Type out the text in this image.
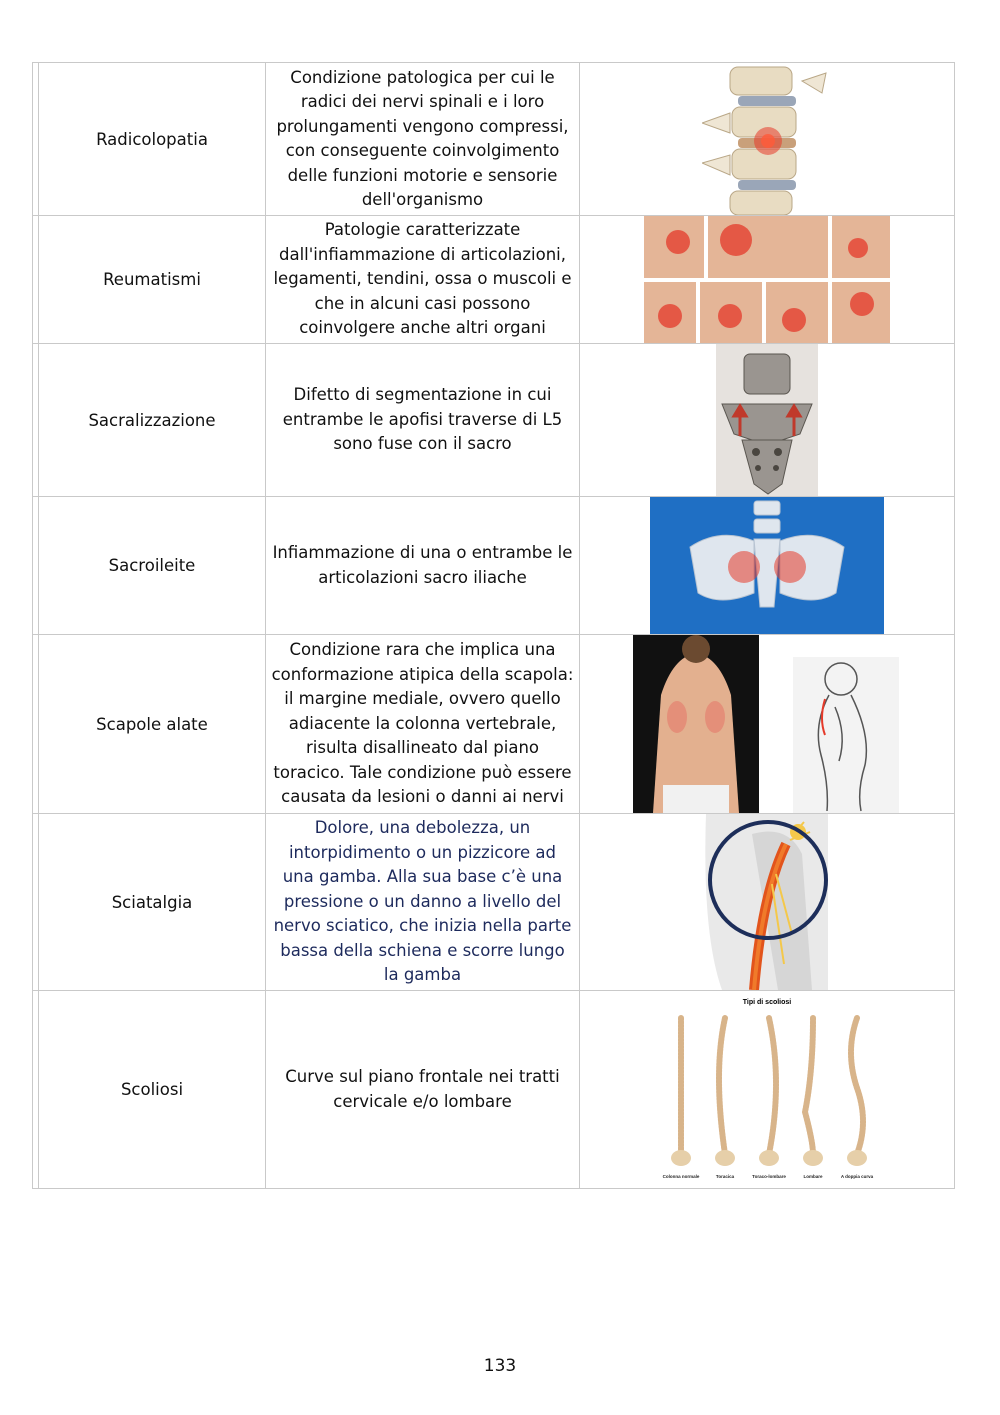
Radicolopatia
Condizione patologica per cui le
radici dei nervi spinali e i loro
prolungamenti vengono compressi,
con conseguente coinvolgimento
delle funzioni motorie e sensorie
dell'organismo
Reumatismi
Patologie caratterizzate
dall'infiammazione di articolazioni,
legamenti, tendini, ossa o muscoli e
che in alcuni casi possono
coinvolgere anche altri organi
Sacralizzazione
Difetto di segmentazione in cui
entrambe le apofisi traverse di L5
sono fuse con il sacro
Sacroileite
Infiammazione di una o entrambe le
articolazioni sacro iliache
Scapole alate
Condizione rara che implica una
conformazione atipica della scapola:
il margine mediale, ovvero quello
adiacente la colonna vertebrale,
risulta disallineato dal piano
toracico. Tale condizione può essere
causata da lesioni o danni ai nervi
Sciatalgia
Dolore, una debolezza, un
intorpidimento o un pizzicore ad
una gamba. Alla sua base c’è una
pressione o un danno a livello del
nervo sciatico, che inizia nella parte
bassa della schiena e scorre lungo
la gamba
Scoliosi
Curve sul piano frontale nei tratti
cervicale e/o lombare
Tipi di scoliosi
Colonna normale	Toracica	Toraco-lombare	Lombare	A doppia curva
133
